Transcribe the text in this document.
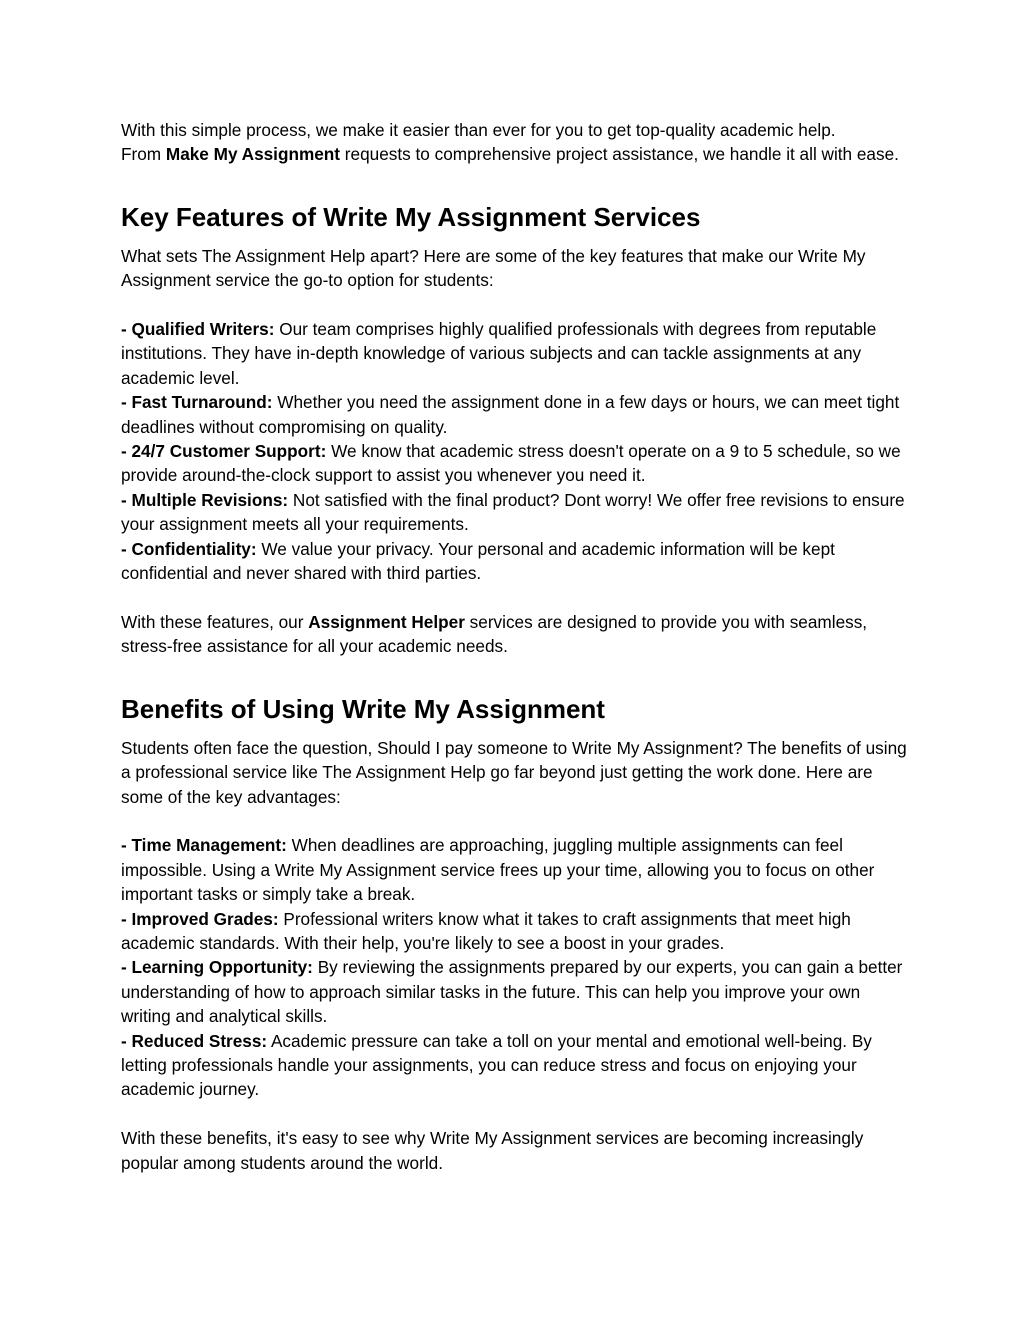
With this simple process, we make it easier than ever for you to get top-quality academic help.
From Make My Assignment requests to comprehensive project assistance, we handle it all with ease.

Key Features of Write My Assignment Services

What sets The Assignment Help apart? Here are some of the key features that make our Write My Assignment service the go-to option for students:

- Qualified Writers: Our team comprises highly qualified professionals with degrees from reputable institutions. They have in-depth knowledge of various subjects and can tackle assignments at any academic level.

- Fast Turnaround: Whether you need the assignment done in a few days or hours, we can meet tight deadlines without compromising on quality.

- 24/7 Customer Support: We know that academic stress doesn't operate on a 9 to 5 schedule, so we provide around-the-clock support to assist you whenever you need it.

- Multiple Revisions: Not satisfied with the final product? Dont worry! We offer free revisions to ensure your assignment meets all your requirements.

- Confidentiality: We value your privacy. Your personal and academic information will be kept confidential and never shared with third parties.

With these features, our Assignment Helper services are designed to provide you with seamless, stress-free assistance for all your academic needs.

Benefits of Using Write My Assignment

Students often face the question, Should I pay someone to Write My Assignment? The benefits of using a professional service like The Assignment Help go far beyond just getting the work done. Here are some of the key advantages:

- Time Management: When deadlines are approaching, juggling multiple assignments can feel impossible. Using a Write My Assignment service frees up your time, allowing you to focus on other important tasks or simply take a break.

- Improved Grades: Professional writers know what it takes to craft assignments that meet high academic standards. With their help, you're likely to see a boost in your grades.

- Learning Opportunity: By reviewing the assignments prepared by our experts, you can gain a better understanding of how to approach similar tasks in the future. This can help you improve your own writing and analytical skills.

- Reduced Stress: Academic pressure can take a toll on your mental and emotional well-being. By letting professionals handle your assignments, you can reduce stress and focus on enjoying your academic journey.

With these benefits, it's easy to see why Write My Assignment services are becoming increasingly popular among students around the world.
